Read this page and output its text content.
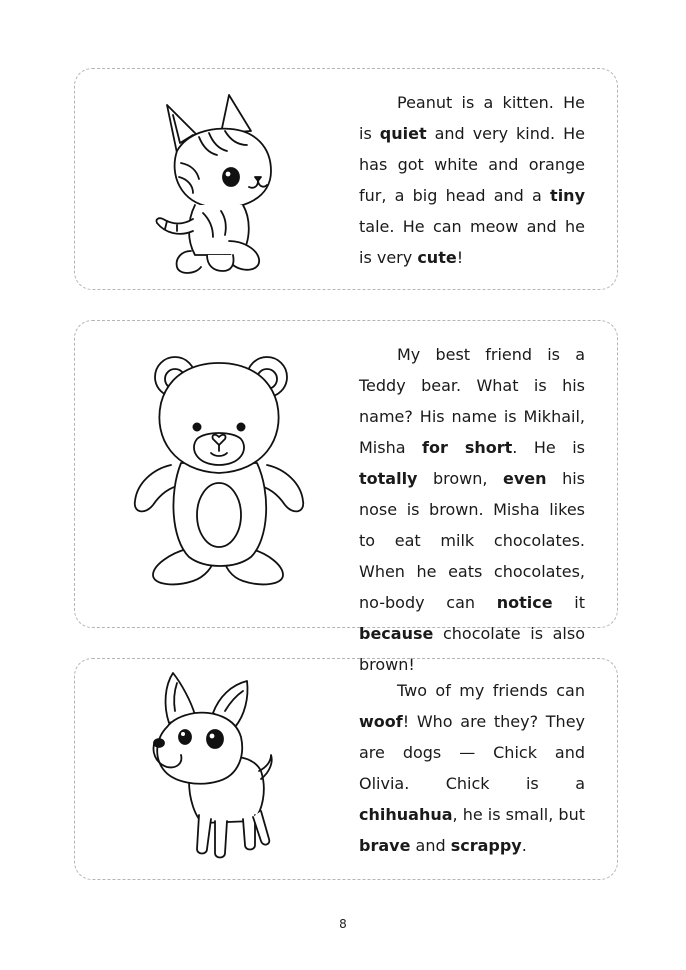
Peanut is a kitten. He is quiet and very kind. He has got white and orange fur, a big head and a tiny tale. He can meow and he is very cute!

My best friend is a Teddy bear. What is his name? His name is Mikhail, Misha for short. He is totally brown, even his nose is brown. Misha likes to eat milk chocolates. When he eats chocolates, no-body can notice it because chocolate is also brown!

Two of my friends can woof! Who are they? They are dogs — Chick and Olivia. Chick is a chihuahua, he is small, but brave and scrappy.

8
